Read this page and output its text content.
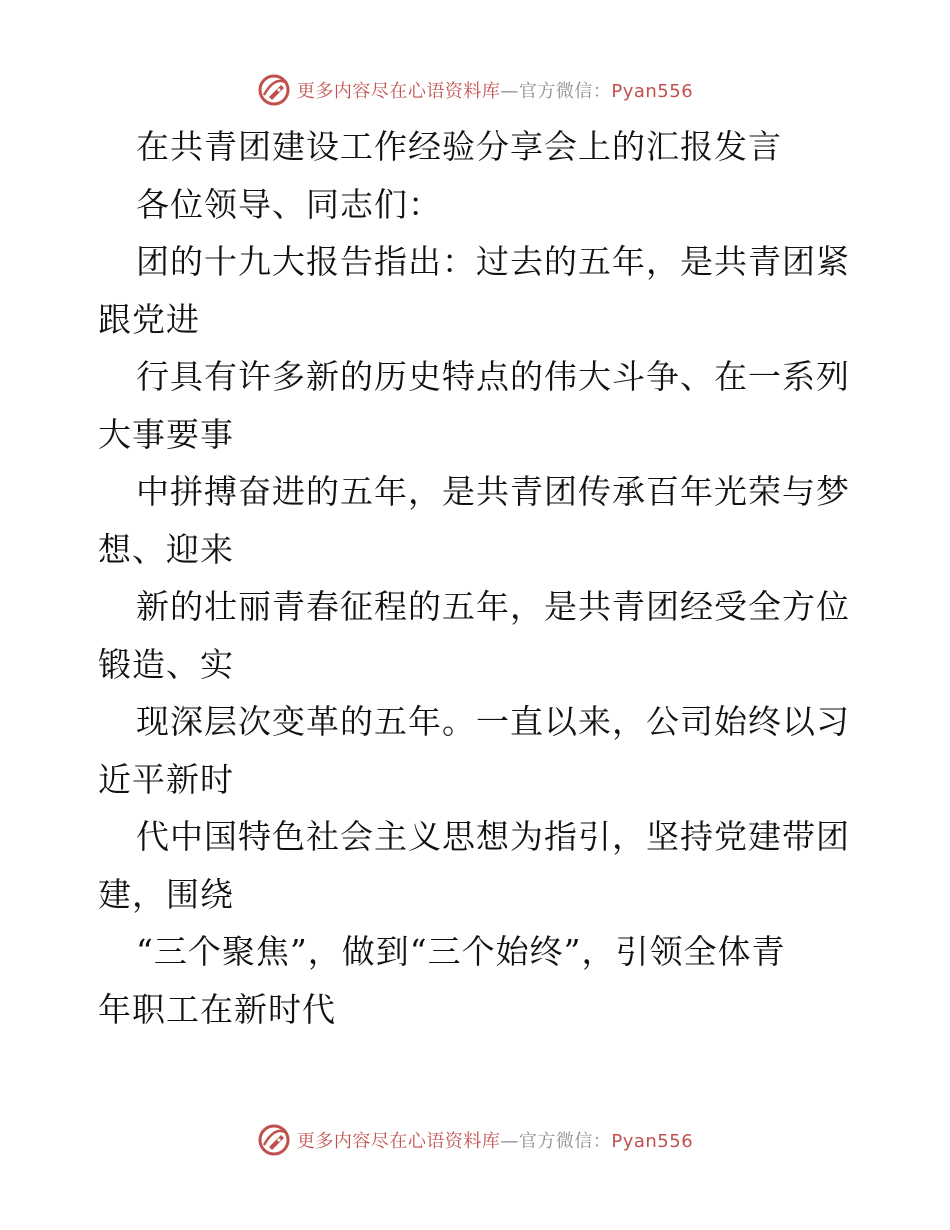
更多内容尽在心语资料库—官方微信：Pyan556
在共青团建设工作经验分享会上的汇报发言
各位领导、同志们：
团的十九大报告指出：过去的五年，是共青团紧
跟党进
行具有许多新的历史特点的伟大斗争、在一系列
大事要事
中拼搏奋进的五年，是共青团传承百年光荣与梦
想、迎来
新的壮丽青春征程的五年，是共青团经受全方位
锻造、实
现深层次变革的五年。一直以来，公司始终以习
近平新时
代中国特色社会主义思想为指引，坚持党建带团
建，围绕
“三个聚焦”，做到“三个始终”，引领全体青
年职工在新时代
更多内容尽在心语资料库—官方微信：Pyan556
